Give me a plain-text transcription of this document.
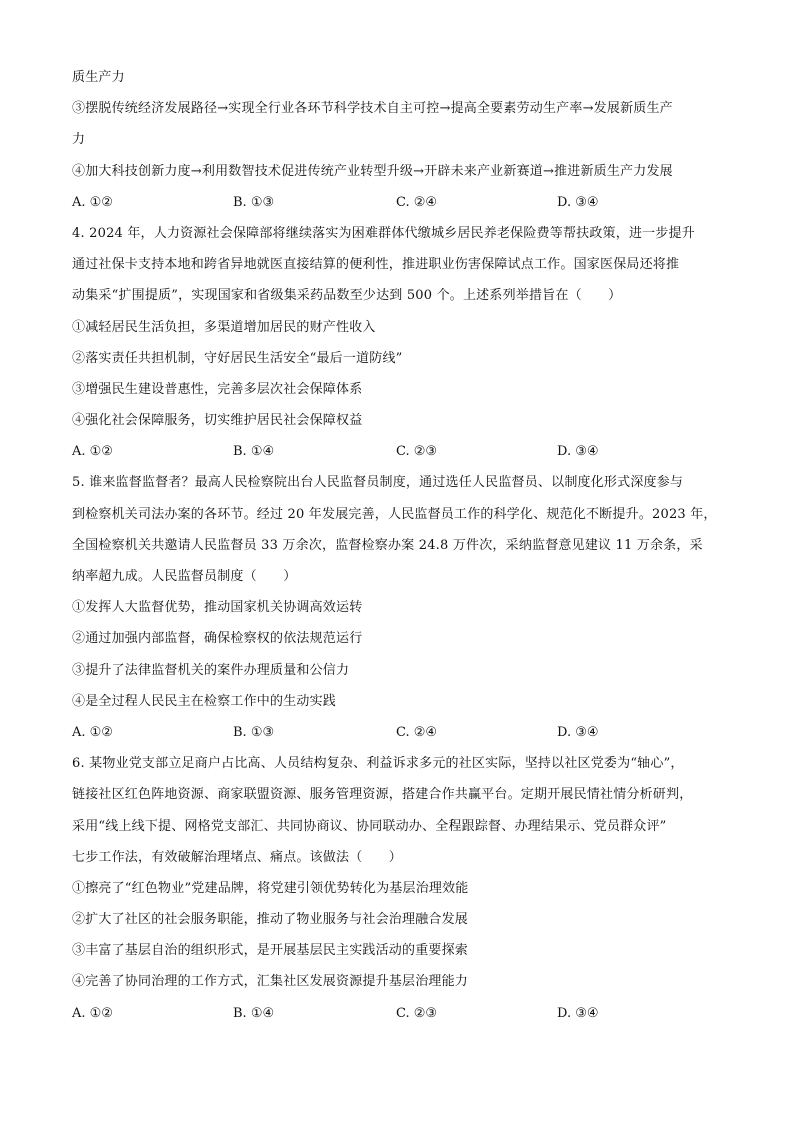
质生产力
③摆脱传统经济发展路径→实现全行业各环节科学技术自主可控→提高全要素劳动生产率→发展新质生产
力
④加大科技创新力度→利用数智技术促进传统产业转型升级→开辟未来产业新赛道→推进新质生产力发展
A. ①②	B. ①③	C. ②④	D. ③④
4. 2024 年，人力资源社会保障部将继续落实为困难群体代缴城乡居民养老保险费等帮扶政策，进一步提升
通过社保卡支持本地和跨省异地就医直接结算的便利性，推进职业伤害保障试点工作。国家医保局还将推
动集采“扩围提质”，实现国家和省级集采药品数至少达到 500 个。上述系列举措旨在（　　）
①减轻居民生活负担，多渠道增加居民的财产性收入
②落实责任共担机制，守好居民生活安全“最后一道防线”
③增强民生建设普惠性，完善多层次社会保障体系
④强化社会保障服务，切实维护居民社会保障权益
A. ①②	B. ①④	C. ②③	D. ③④
5. 谁来监督监督者？最高人民检察院出台人民监督员制度，通过选任人民监督员、以制度化形式深度参与
到检察机关司法办案的各环节。经过 20 年发展完善，人民监督员工作的科学化、规范化不断提升。2023 年，
全国检察机关共邀请人民监督员 33 万余次，监督检察办案 24.8 万件次，采纳监督意见建议 11 万余条，采
纳率超九成。人民监督员制度（　　）
①发挥人大监督优势，推动国家机关协调高效运转
②通过加强内部监督，确保检察权的依法规范运行
③提升了法律监督机关的案件办理质量和公信力
④是全过程人民民主在检察工作中的生动实践
A. ①②	B. ①③	C. ②④	D. ③④
6. 某物业党支部立足商户占比高、人员结构复杂、利益诉求多元的社区实际，坚持以社区党委为“轴心”，
链接社区红色阵地资源、商家联盟资源、服务管理资源，搭建合作共赢平台。定期开展民情社情分析研判，
采用“线上线下提、网格党支部汇、共同协商议、协同联动办、全程跟踪督、办理结果示、党员群众评”
七步工作法，有效破解治理堵点、痛点。该做法（　　）
①擦亮了“红色物业”党建品牌，将党建引领优势转化为基层治理效能
②扩大了社区的社会服务职能，推动了物业服务与社会治理融合发展
③丰富了基层自治的组织形式，是开展基层民主实践活动的重要探索
④完善了协同治理的工作方式，汇集社区发展资源提升基层治理能力
A. ①②	B. ①④	C. ②③	D. ③④
